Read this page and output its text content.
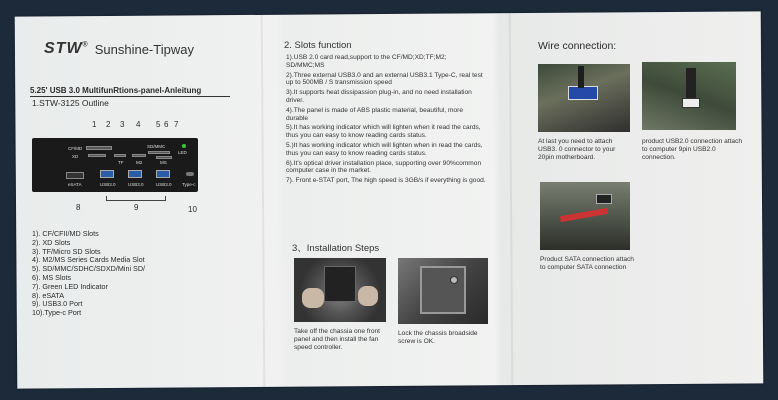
STW® Sunshine-Tipway
5.25' USB 3.0 MultifunRtions-panel-Anleitung
1.STW-3125 Outline
1 2 3 4 5 6 7
CF/MD
XD
TF	M2
SD/MMC
MS
LED
eSATA	USB3.0	USB3.0	USB3.0 Type-c
8	9	10
1). CF/CFII/MD Slots
2). XD Slots
3). TF/Micro SD Slots
4). M2/MS Series Cards Media Slot
5). SD/MMC/SDHC/SDXD/Mini SD/
6). MS Slots
7). Green LED Indicator
8). eSATA
9). USB3.0 Port
10).Type-c Port
2. Slots function
1).USB 2.0 card read,support to the CF/MD;XD;TF;M2; SD/MMC;MS
2).Three external USB3.0 and an external USB3.1 Type-C, real test up to 500MB / S transmission speed
3).It supports heat dissipassion plug-in, and no need installation driver.
4).The panel is made of ABS plastic material, beautiful, more durable
5).It has working indicator which will lighten when it read the cards, thus you can easy to know reading cards status.
5.)It has working indicator which will lighten when in read the cards, thus you can easy to know reading cards status.
6).It's optical driver installation place, supporting over 90%common computer case in the market.
7). Front e-STAT port, The high speed is 3GB/s if everything is good.
3、Installation Steps
Take off the chassia one front panel and then install the fan speed controller.
Lock the chassis broadside screw is OK.
Wire connection:
At last you need to attach USB3. 0 connector to your 20pin motherboard.
product USB2.0 connection attach to computer 9pin USB2.0 connection.
Product SATA connection attach to computer SATA connection
